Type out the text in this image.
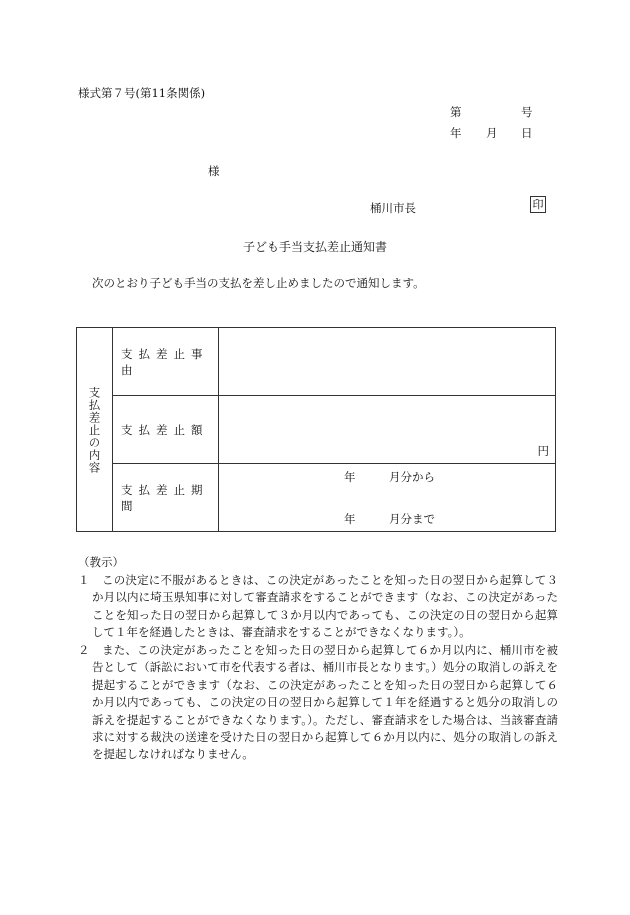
様式第７号(第11条関係)
第	号
年 月 日
様
桶川市長	印
子ども手当支払差止通知書
次のとおり子ども手当の支払を差し止めましたので通知します。
支払差止の内容	支払差止事由	

	支払差止額	円

	支払差止期間	年 月分から
年 月分まで
（教示）
１	この決定に不服があるときは、この決定があったことを知った日の翌日から起算して３か月以内に埼玉県知事に対して審査請求をすることができます（なお、この決定があったことを知った日の翌日から起算して３か月以内であっても、この決定の日の翌日から起算して１年を経過したときは、審査請求をすることができなくなります。）。
２	また、この決定があったことを知った日の翌日から起算して６か月以内に、桶川市を被告として（訴訟において市を代表する者は、桶川市長となります。）処分の取消しの訴えを提起することができます（なお、この決定があったことを知った日の翌日から起算して６か月以内であっても、この決定の日の翌日から起算して１年を経過すると処分の取消しの訴えを提起することができなくなります。）。ただし、審査請求をした場合は、当該審査請求に対する裁決の送達を受けた日の翌日から起算して６か月以内に、処分の取消しの訴えを提起しなければなりません。
